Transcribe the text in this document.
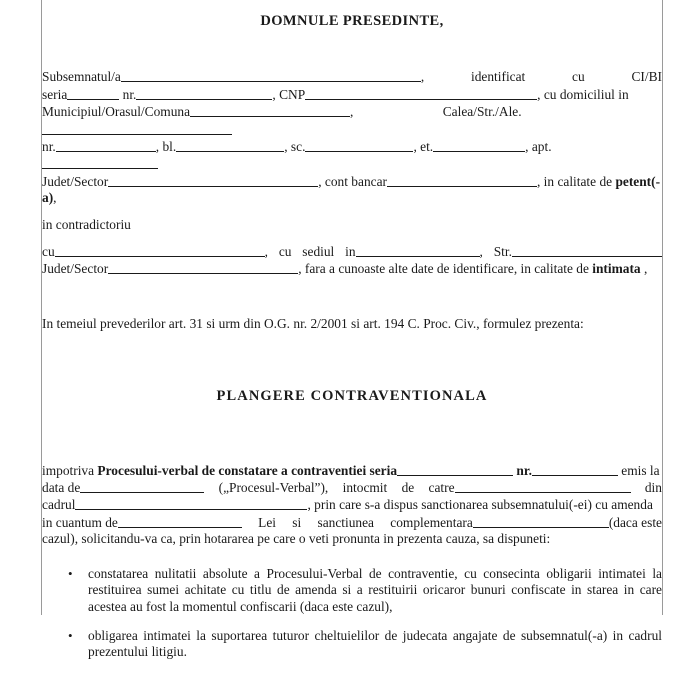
DOMNULE PRESEDINTE,
Subsemnatul/a	,	identificat	cu	CI/BI
seria	nr.	, CNP	, cu domiciliul in
Municipiul/Orasul/Comuna	,	Calea/Str./Ale.
nr.	, bl.	, sc.	, et.	, apt.
Judet/Sector	, cont bancar	, in calitate de petent(-a),
in contradictoriu
cu	, cu sediul in	, Str.
Judet/Sector	, fara a cunoaste alte date de identificare, in calitate de intimata ,
In temeiul prevederilor art. 31 si urm din O.G. nr. 2/2001 si art. 194 C. Proc. Civ., formulez prezenta:
PLANGERE CONTRAVENTIONALA
impotriva Procesului-verbal de constatare a contraventiei seria	nr.	emis la
data de	(„Procesul-Verbal”), intocmit de catre	din
cadrul	, prin care s-a dispus sanctionarea subsemnatului(-ei) cu amenda
in cuantum de	Lei si sanctiunea complementara	(daca este
cazul), solicitandu-va ca, prin hotararea pe care o veti pronunta in prezenta cauza, sa dispuneti:
• constatarea nulitatii absolute a Procesului-Verbal de contraventie, cu consecinta obligarii intimatei la restituirea sumei achitate cu titlu de amenda si a restituirii oricaror bunuri confiscate in starea in care acestea au fost la momentul confiscarii (daca este cazul),
• obligarea intimatei la suportarea tuturor cheltuielilor de judecata angajate de subsemnatul(-a) in cadrul prezentului litigiu.
